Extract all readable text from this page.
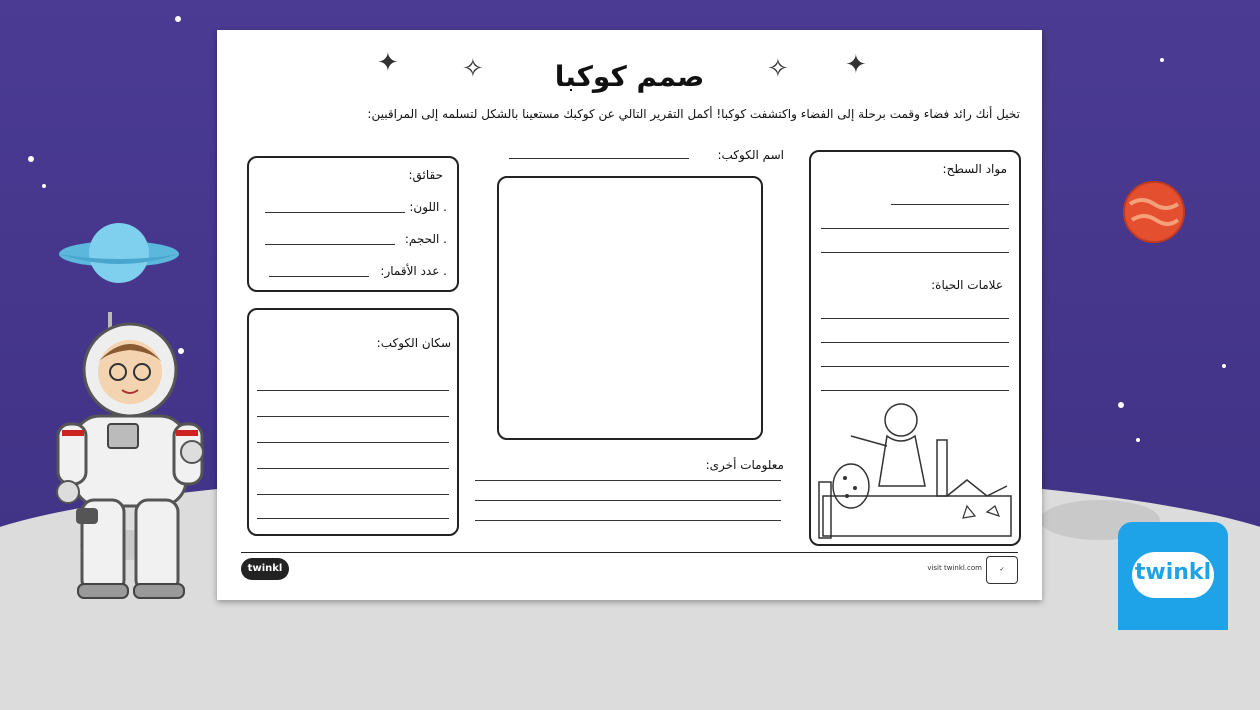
✦ ✧	✧ ✦
صمم كوكبا
تخيل أنك رائد فضاء وقمت برحلة إلى الفضاء واكتشفت كوكبا! أكمل التقرير التالي عن كوكبك مستعينا بالشكل لتسلمه إلى المراقبين:
حقائق:
. اللون:
. الحجم:
. عدد الأقمار:
سكان الكوكب:
اسم الكوكب:
معلومات أخرى:
مواد السطح:
علامات الحياة:
twinkl	visit twinkl.com	✓	twinkl
